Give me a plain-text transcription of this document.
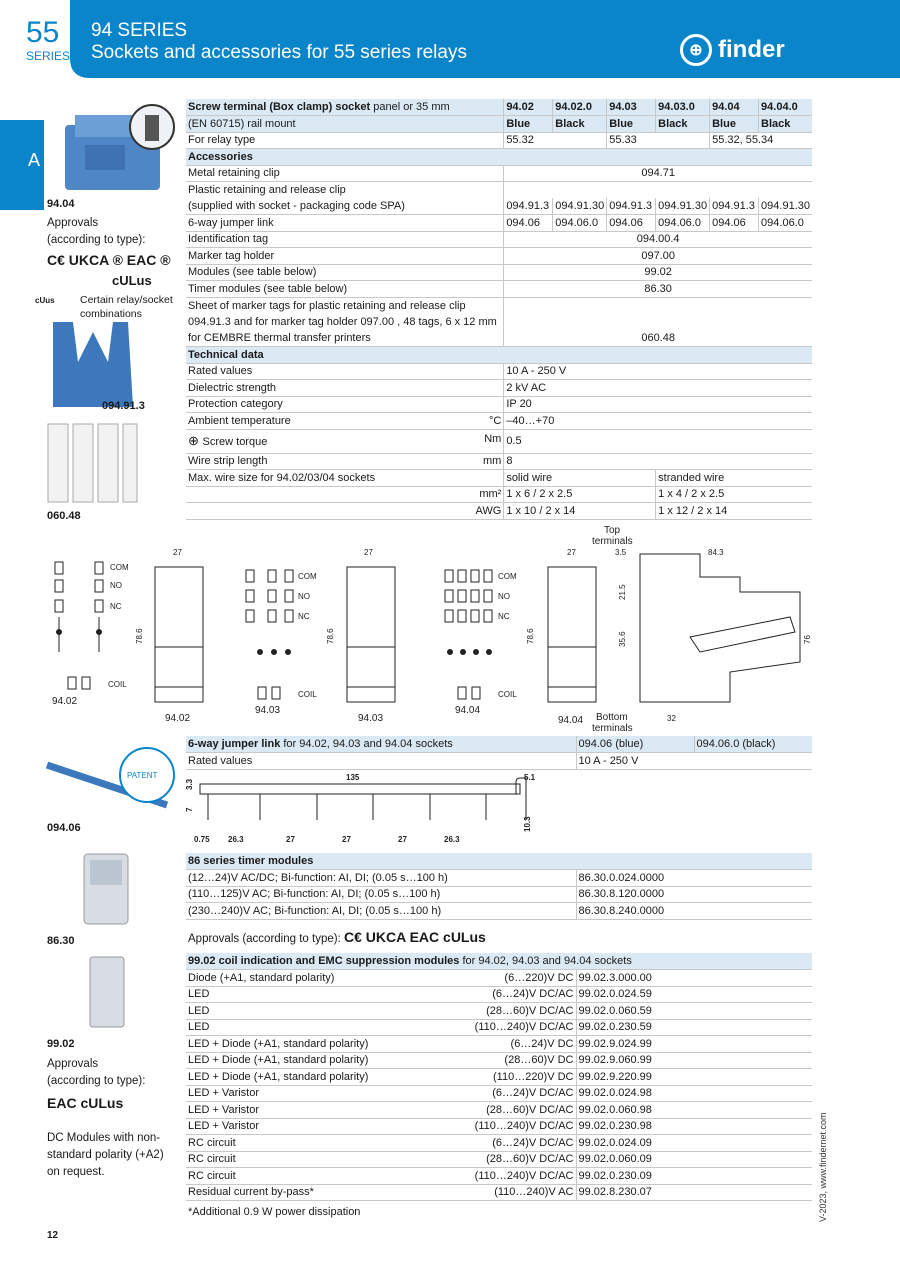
55
SERIES
94 SERIES
Sockets and accessories for 55 series relays	⊕ finder
A
94.04
Approvals
(according to type):
C€ UKCA ® EAC ®
cULus
cUus Certain relay/socket combinations
094.91.3
060.48
Screw terminal (Box clamp) socket panel or 35 mm	94.02	94.02.0	94.03	94.03.0	94.04	94.04.0
(EN 60715) rail mount	Blue	Black	Blue	Black	Blue	Black
For relay type	55.32		55.33		55.32, 55.34	
Accessories						
Metal retaining clip	094.71					
Plastic retaining and release clip						
(supplied with socket - packaging code SPA)	094.91.3	094.91.30	094.91.3	094.91.30	094.91.3	094.91.30
6-way jumper link	094.06	094.06.0	094.06	094.06.0	094.06	094.06.0
Identification tag	094.00.4					
Marker tag holder	097.00					
Modules (see table below)	99.02					
Timer modules (see table below)	86.30					
Sheet of marker tags for plastic retaining and release clip						
094.91.3 and for marker tag holder 097.00 , 48 tags, 6 x 12 mm						
for CEMBRE thermal transfer printers	060.48					
Technical data						
Rated values	10 A - 250 V					
Dielectric strength	2 kV AC					
Protection category	IP 20					
Ambient temperature °C	–40…+70					
⊕ Screw torque Nm	0.5					
Wire strip length mm	8					
Max. wire size for 94.02/03/04 sockets	solid wire			stranded wire		
mm²	1 x 6 / 2 x 2.5			1 x 4 / 2 x 2.5		
AWG	1 x 10 / 2 x 14			1 x 12 / 2 x 14		
27	27	27	3.5	84.3
78.6	78.6	78.6
21.5
35.6	76
32
COM
NO
NC
COIL
COM
NO
NC
COIL
COM
NO
NC
COIL
94.02
94.02
94.03
94.03
94.04
94.04
Top
terminals
Bottom
terminals
6-way jumper link for 94.02, 94.03 and 94.04 sockets	094.06 (blue)	094.06.0 (black)
Rated values	10 A - 250 V	
PATENT
094.06
135	5.1
3.3
7
10.3
0.75 26.3	27	27	27	26.3
86.30
86 series timer modules	
(12…24)V AC/DC; Bi-function: AI, DI; (0.05 s…100 h)	86.30.0.024.0000
(110…125)V AC; Bi-function: AI, DI; (0.05 s…100 h)	86.30.8.120.0000
(230…240)V AC; Bi-function: AI, DI; (0.05 s…100 h)	86.30.8.240.0000
Approvals (according to type): C€ UKCA EAC cULus
99.02
Approvals
(according to type):
EAC cULus
DC Modules with non-standard polarity (+A2) on request.
12
99.02 coil indication and EMC suppression modules for 94.02, 94.03 and 94.04 sockets		
Diode (+A1, standard polarity)	(6…220)V DC	99.02.3.000.00
LED	(6…24)V DC/AC	99.02.0.024.59
LED	(28…60)V DC/AC	99.02.0.060.59
LED	(110…240)V DC/AC	99.02.0.230.59
LED + Diode (+A1, standard polarity)	(6…24)V DC	99.02.9.024.99
LED + Diode (+A1, standard polarity)	(28…60)V DC	99.02.9.060.99
LED + Diode (+A1, standard polarity)	(110…220)V DC	99.02.9.220.99
LED + Varistor	(6…24)V DC/AC	99.02.0.024.98
LED + Varistor	(28…60)V DC/AC	99.02.0.060.98
LED + Varistor	(110…240)V DC/AC	99.02.0.230.98
RC circuit	(6…24)V DC/AC	99.02.0.024.09
RC circuit	(28…60)V DC/AC	99.02.0.060.09
RC circuit	(110…240)V DC/AC	99.02.0.230.09
Residual current by-pass*	(110…240)V AC	99.02.8.230.07
*Additional 0.9 W power dissipation	V-2023, www.findernet.com
